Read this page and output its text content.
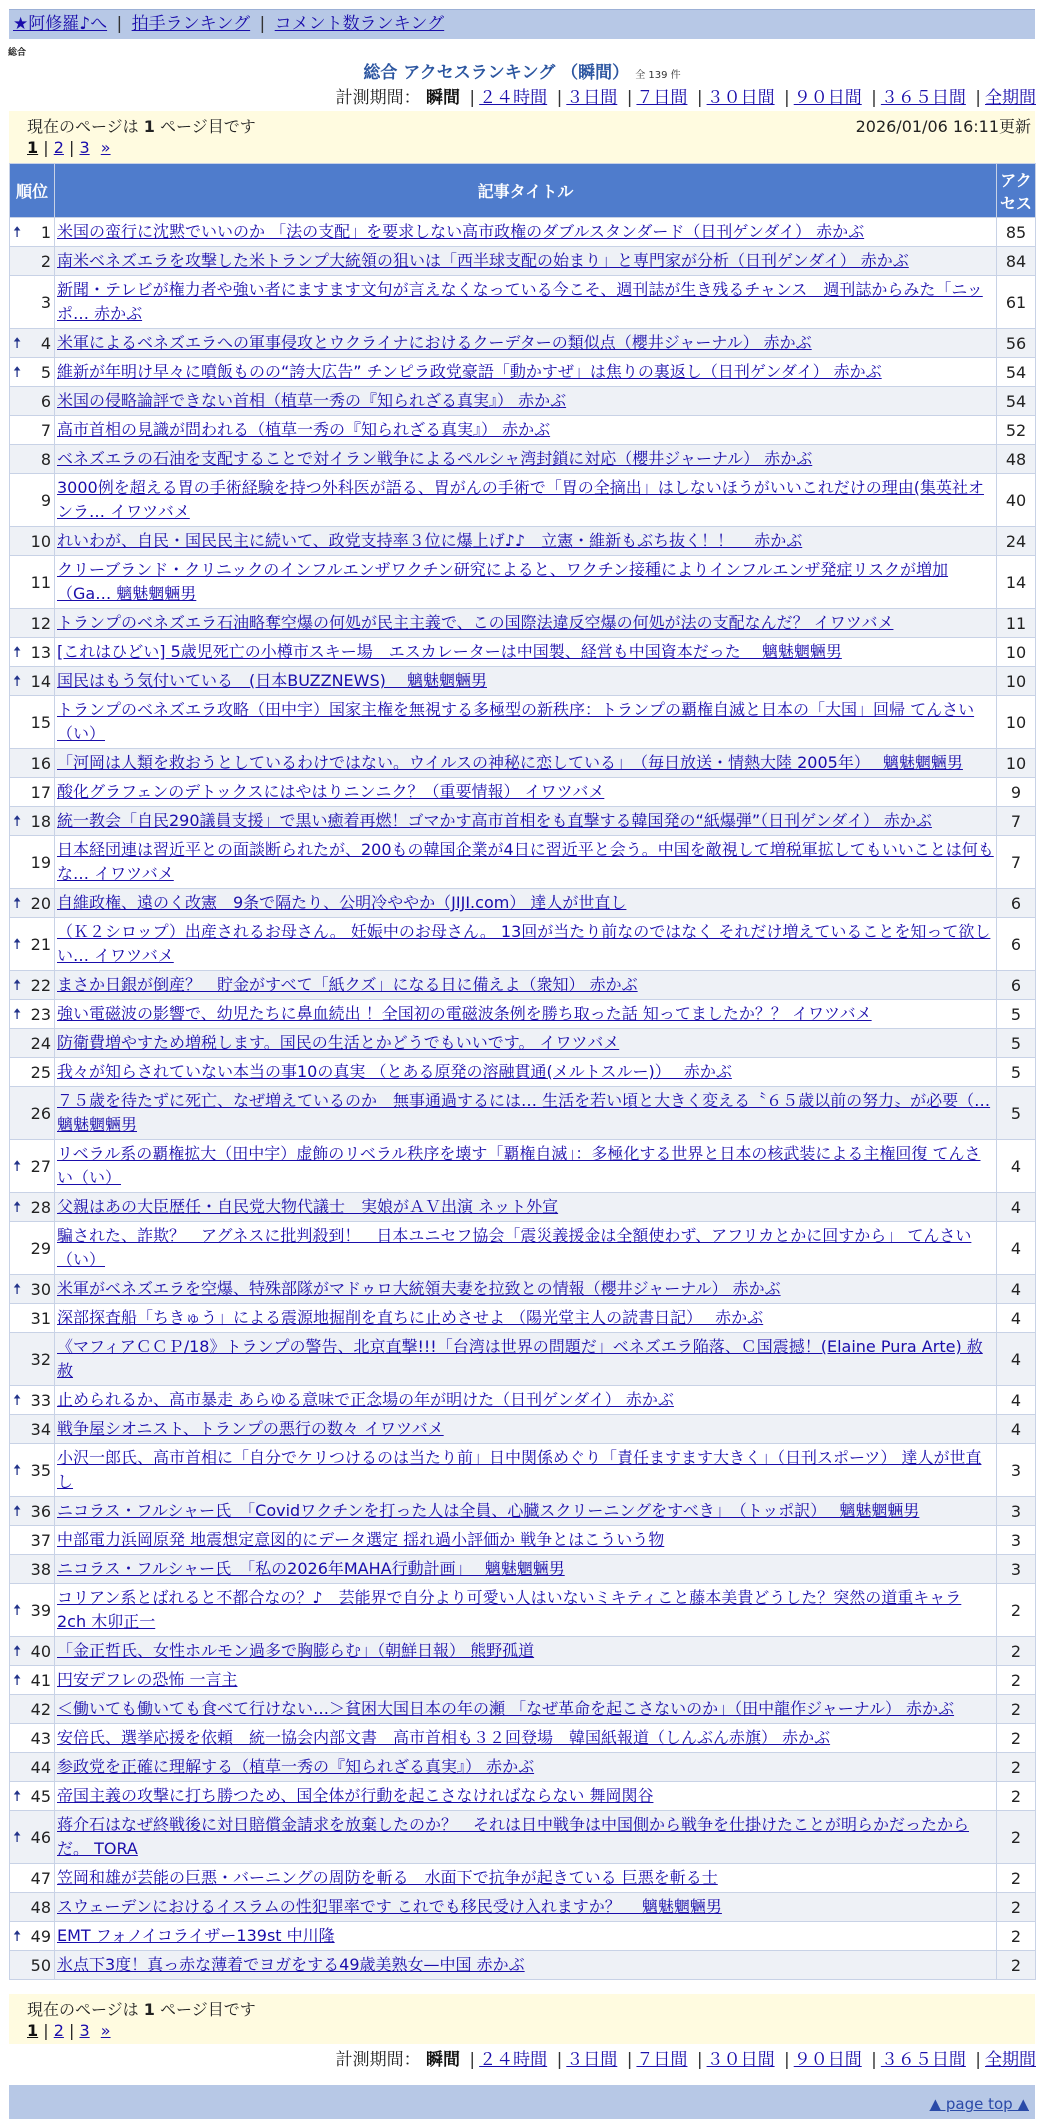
★阿修羅♪へ | 拍手ランキング | コメント数ランキング
総合
総合 アクセスランキング （瞬間） 全 139 件
計測期間： 瞬間 | ２４時間 | ３日間 | ７日間 | ３０日間 | ９０日間 | ３６５日間 | 全期間
現在のページは 1 ページ目です	2026/01/06 16:11更新
1 | 2 | 3 »
順位	記事タイトル	アクセス

🠅 1	米国の蛮行に沈黙でいいのか 「法の支配」を要求しない高市政権のダブルスタンダード（日刊ゲンダイ） 赤かぶ	85
2	南米ベネズエラを攻撃した米トランプ大統領の狙いは「西半球支配の始まり」と専門家が分析（日刊ゲンダイ） 赤かぶ	84
3	新聞・テレビが権力者や強い者にますます文句が言えなくなっている今こそ、週刊誌が生き残るチャンス　週刊誌からみた「ニッポ… 赤かぶ	61

🠅 4	米軍によるベネズエラへの軍事侵攻とウクライナにおけるクーデターの類似点（櫻井ジャーナル） 赤かぶ	56

🠅 5	維新が年明け早々に噴飯ものの“誇大広告” チンピラ政党豪語「動かすぜ」は焦りの裏返し（日刊ゲンダイ） 赤かぶ	54
6	米国の侵略論評できない首相（植草一秀の『知られざる真実』） 赤かぶ	54
7	高市首相の見識が問われる（植草一秀の『知られざる真実』） 赤かぶ	52
8	ベネズエラの石油を支配することで対イラン戦争によるペルシャ湾封鎖に対応（櫻井ジャーナル） 赤かぶ	48
9	3000例を超える胃の手術経験を持つ外科医が語る、胃がんの手術で「胃の全摘出」はしないほうがいいこれだけの理由(集英社オンラ… イワツバメ	40
10	れいわが、自民・国民民主に続いて、政党支持率３位に爆上げ♪♪　立憲・維新もぶち抜く！！　 赤かぶ	24
11	クリーブランド・クリニックのインフルエンザワクチン研究によると、ワクチン接種によりインフルエンザ発症リスクが増加（Ga… 魑魅魍魎男	14
12	トランプのベネズエラ石油略奪空爆の何処が民主主義で、この国際法違反空爆の何処が法の支配なんだ？ イワツバメ	11

🠅 13	[これはひどい] 5歳児死亡の小樽市スキー場　エスカレーターは中国製、経営も中国資本だった　 魑魅魍魎男	10

🠅 14	国民はもう気付いている　(日本BUZZNEWS)　 魑魅魍魎男	10
15	トランプのベネズエラ攻略（田中宇）国家主権を無視する多極型の新秩序：トランプの覇権自滅と日本の「大国」回帰 てんさい（い）	10
16	「河岡は人類を救おうとしているわけではない。ウイルスの神秘に恋している」　（毎日放送・情熱大陸 2005年）　 魑魅魍魎男	10
17	酸化グラフェンのデトックスにはやはりニンニク？（重要情報） イワツバメ	9

🠅 18	統一教会「自民290議員支援」で黒い癒着再燃！ゴマかす高市首相をも直撃する韓国発の“紙爆弾”（日刊ゲンダイ） 赤かぶ	7
19	日本経団連は習近平との面談断られたが、200もの韓国企業が4日に習近平と会う。中国を敵視して増税軍拡してもいいことは何もな… イワツバメ	7

🠅 20	自維政権、遠のく改憲　9条で隔たり、公明冷ややか（JIJI.com） 達人が世直し	6

🠅 21	（Ｋ２シロップ）出産されるお母さん。 妊娠中のお母さん。 13回が当たり前なのではなく それだけ増えていることを知って欲しい… イワツバメ	6

🠅 22	まさか日銀が倒産？　貯金がすべて「紙クズ」になる日に備えよ（衆知） 赤かぶ	6

🠅 23	強い電磁波の影響で、幼児たちに鼻血続出 ！全国初の電磁波条例を勝ち取った話 知ってましたか？？ イワツバメ	5
24	防衛費増やすため増税します。国民の生活とかどうでもいいです。 イワツバメ	5
25	我々が知らされていない本当の事10の真実 （とある原発の溶融貫通(メルトスルー)）　 赤かぶ	5
26	７５歳を待たずに死亡、なぜ増えているのか　無事通過するには… 生活を若い頃と大きく変える〝６５歳以前の努力〟が必要（… 魑魅魍魎男	5

🠅 27	リベラル系の覇権拡大（田中宇）虚飾のリベラル秩序を壊す「覇権自滅」：多極化する世界と日本の核武装による主権回復 てんさい（い）	4

🠅 28	父親はあの大臣歴任・自民党大物代議士　実娘がＡＶ出演 ネット外宣	4
29	騙された、詐欺？　アグネスに批判殺到！　日本ユニセフ協会「震災義援金は全額使わず、アフリカとかに回すから」 てんさい（い）	4

🠅 30	米軍がベネズエラを空爆、特殊部隊がマドゥロ大統領夫妻を拉致との情報（櫻井ジャーナル） 赤かぶ	4
31	深部探査船「ちきゅう」による震源地掘削を直ちに止めさせよ （陽光堂主人の読書日記）　 赤かぶ	4
32	《マフィアＣＣＰ/18》トランプの警告、北京直撃!!!「台湾は世界の問題だ」ベネズエラ陥落、Ｃ国震撼！(Elaine Pura Arte) 赦赦	4

🠅 33	止められるか、高市暴走 あらゆる意味で正念場の年が明けた（日刊ゲンダイ） 赤かぶ	4
34	戦争屋シオニスト、トランプの悪行の数々 イワツバメ	4

🠅 35	小沢一郎氏、高市首相に「自分でケリつけるのは当たり前」日中関係めぐり「責任ますます大きく」（日刊スポーツ） 達人が世直し	3

🠅 36	ニコラス・フルシャー氏　「Covidワクチンを打った人は全員、心臓スクリーニングをすべき」　（トッポ訳）　 魑魅魍魎男	3
37	中部電力浜岡原発 地震想定意図的にデータ選定 揺れ過小評価か 戦争とはこういう物	3
38	ニコラス・フルシャー氏　「私の2026年MAHA行動計画」　 魑魅魍魎男	3

🠅 39	コリアン系とばれると不都合なの？♪　芸能界で自分より可愛い人はいないミキティこと藤本美貴どうした？突然の道重キャラ 2ch 木卯正一	2

🠅 40	「金正哲氏、女性ホルモン過多で胸膨らむ」（朝鮮日報） 熊野孤道	2

🠅 41	円安デフレの恐怖 一言主	2
42	＜働いても働いても食べて行けない…＞貧困大国日本の年の瀬 「なぜ革命を起こさないのか」（田中龍作ジャーナル） 赤かぶ	2
43	安倍氏、選挙応援を依頼　統一協会内部文書　高市首相も３２回登場　韓国紙報道（しんぶん赤旗） 赤かぶ	2
44	参政党を正確に理解する（植草一秀の『知られざる真実』） 赤かぶ	2

🠅 45	帝国主義の攻撃に打ち勝つため、国全体が行動を起こさなければならない 舞岡関谷	2

🠅 46	蒋介石はなぜ終戦後に対日賠償金請求を放棄したのか？　それは日中戦争は中国側から戦争を仕掛けたことが明らかだったからだ。 TORA	2
47	笠岡和雄が芸能の巨悪・バーニングの周防を斬る　水面下で抗争が起きている 巨悪を斬る士	2
48	スウェーデンにおけるイスラムの性犯罪率です これでも移民受け入れますか？　 魑魅魍魎男	2

🠅 49	EMT フォノイコライザー139st 中川隆	2
50	氷点下3度！真っ赤な薄着でヨガをする49歳美熟女—中国 赤かぶ	2
現在のページは 1 ページ目です
1 | 2 | 3 »
計測期間： 瞬間 | ２４時間 | ３日間 | ７日間 | ３０日間 | ９０日間 | ３６５日間 | 全期間
▲ page top ▲
